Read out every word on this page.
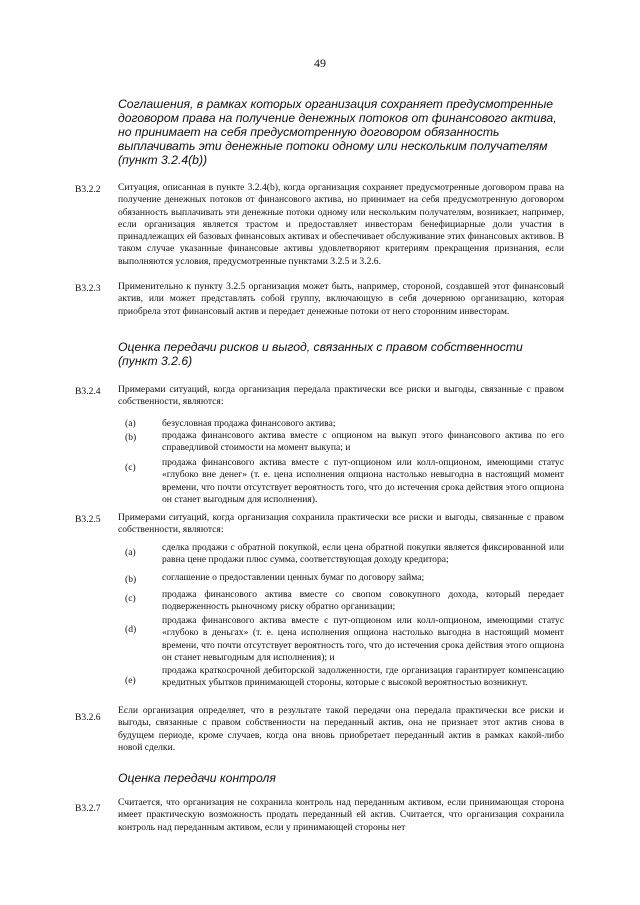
49
Соглашения, в рамках которых организация сохраняет предусмотренные договором права на получение денежных потоков от финансового актива, но принимает на себя предусмотренную договором обязанность выплачивать эти денежные потоки одному или нескольким получателям (пункт 3.2.4(b))
B3.2.2 Ситуация, описанная в пункте 3.2.4(b), когда организация сохраняет предусмотренные договором права на получение денежных потоков от финансового актива, но принимает на себя предусмотренную договором обязанность выплачивать эти денежные потоки одному или нескольким получателям, возникает, например, если организация является трастом и предоставляет инвесторам бенефициарные доли участия в принадлежащих ей базовых финансовых активах и обеспечивает обслуживание этих финансовых активов. В таком случае указанные финансовые активы удовлетворяют критериям прекращения признания, если выполняются условия, предусмотренные пунктами 3.2.5 и 3.2.6.
B3.2.3 Применительно к пункту 3.2.5 организация может быть, например, стороной, создавшей этот финансовый актив, или может представлять собой группу, включающую в себя дочернюю организацию, которая приобрела этот финансовый актив и передает денежные потоки от него сторонним инвесторам.
Оценка передачи рисков и выгод, связанных с правом собственности (пункт 3.2.6)
B3.2.4 Примерами ситуаций, когда организация передала практически все риски и выгоды, связанные с правом собственности, являются:
(a)	безусловная продажа финансового актива;
(b)	продажа финансового актива вместе с опционом на выкуп этого финансового актива по его справедливой стоимости на момент выкупа; и
(c)	продажа финансового актива вместе с пут-опционом или колл-опционом, имеющими статус «глубоко вне денег» (т. е. цена исполнения опциона настолько невыгодна в настоящий момент времени, что почти отсутствует вероятность того, что до истечения срока действия этого опциона он станет выгодным для исполнения).
B3.2.5 Примерами ситуаций, когда организация сохранила практически все риски и выгоды, связанные с правом собственности, являются:
(a)	сделка продажи с обратной покупкой, если цена обратной покупки является фиксированной или равна цене продажи плюс сумма, соответствующая доходу кредитора;
(b)	соглашение о предоставлении ценных бумаг по договору займа;
(c)	продажа финансового актива вместе со свопом совокупного дохода, который передает подверженность рыночному риску обратно организации;
(d)
продажа финансового актива вместе с пут-опционом или колл-опционом, имеющими статус «глубоко в деньгах» (т. е. цена исполнения опциона настолько выгодна в настоящий момент времени, что почти отсутствует вероятность того, что до истечения срока действия этого опциона он станет невыгодным для исполнения); и
(e)
продажа краткосрочной дебиторской задолженности, где организация гарантирует компенсацию кредитных убытков принимающей стороны, которые с высокой вероятностью возникнут.
B3.2.6
Если организация определяет, что в результате такой передачи она передала практически все риски и выгоды, связанные с правом собственности на переданный актив, она не признает этот актив снова в будущем периоде, кроме случаев, когда она вновь приобретает переданный актив в рамках какой-либо новой сделки.
Оценка передачи контроля
B3.2.7
Считается, что организация не сохранила контроль над переданным активом, если принимающая сторона имеет практическую возможность продать переданный ей актив. Считается, что организация сохранила контроль над переданным активом, если у принимающей стороны нет
